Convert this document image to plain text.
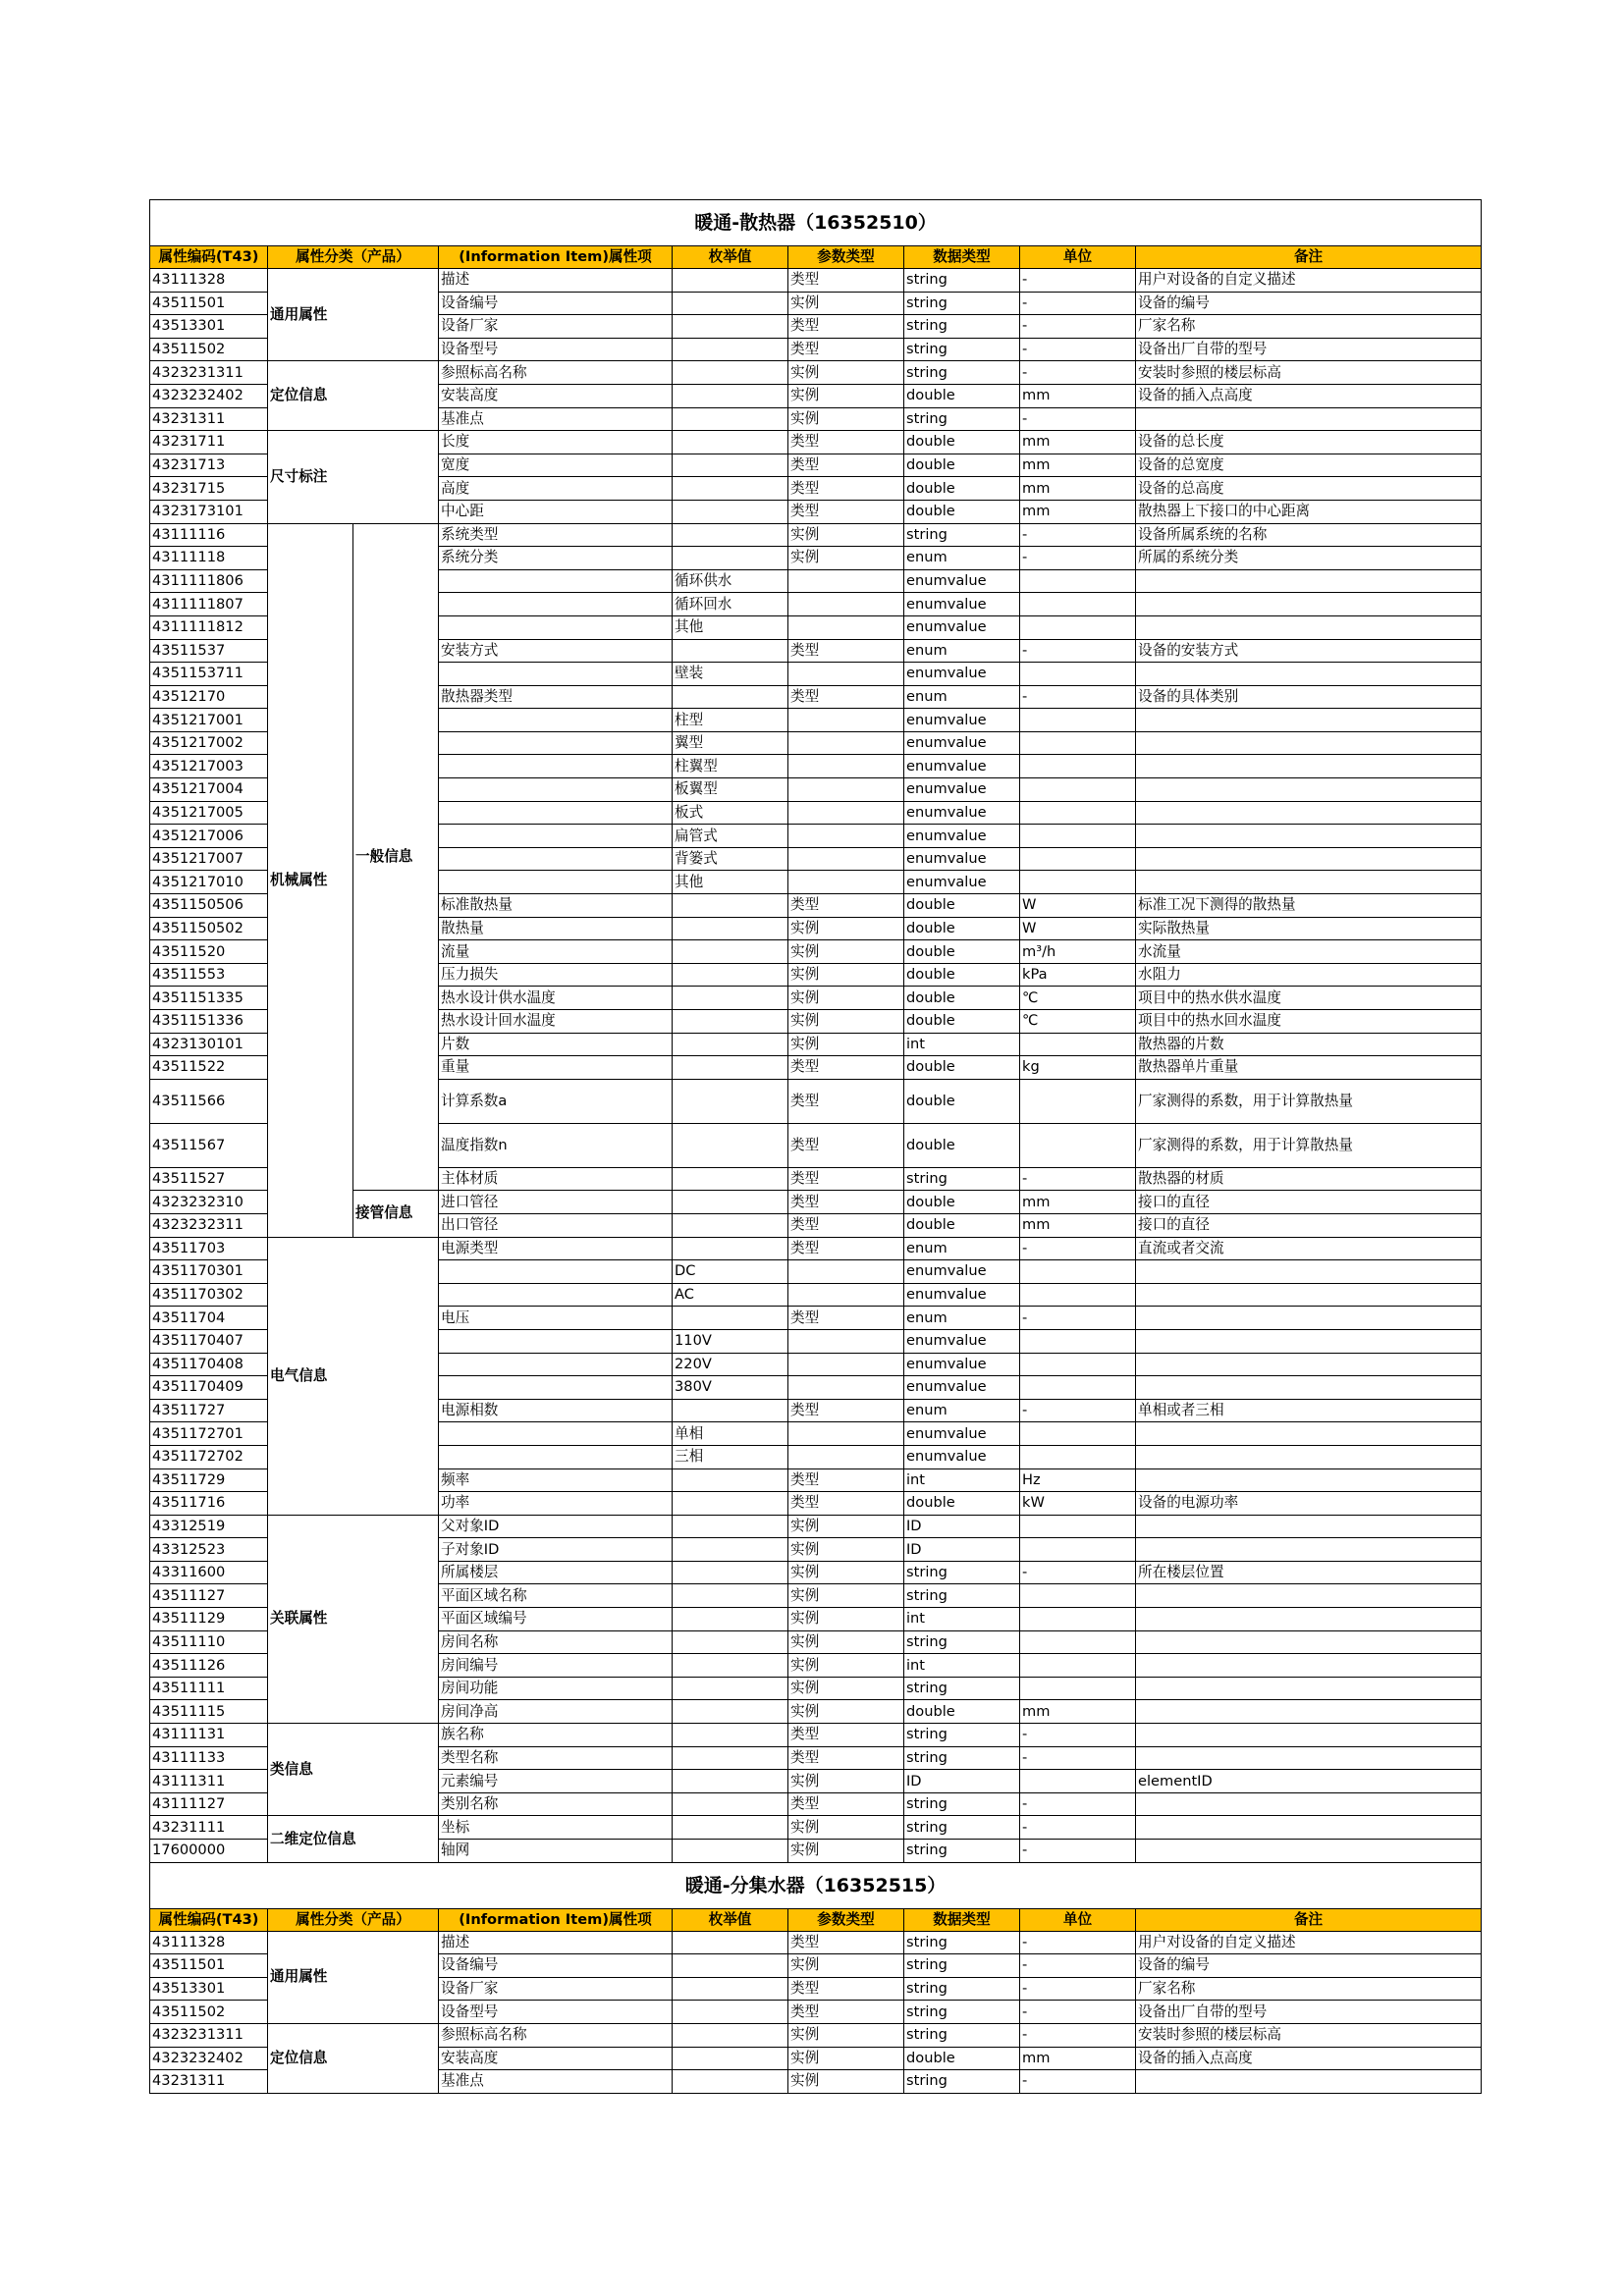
暖通-散热器（16352510）								
属性编码(T43)	属性分类（产品）		(Information Item)属性项	枚举值	参数类型	数据类型	单位	备注
43111328	通用属性		描述		类型	string	-	用户对设备的自定义描述
43511501			设备编号		实例	string	-	设备的编号
43513301			设备厂家		类型	string	-	厂家名称
43511502			设备型号		类型	string	-	设备出厂自带的型号
4323231311	定位信息		参照标高名称		实例	string	-	安装时参照的楼层标高
4323232402			安装高度		实例	double	mm	设备的插入点高度
43231311			基准点		实例	string	-	
43231711	尺寸标注		长度		类型	double	mm	设备的总长度
43231713			宽度		类型	double	mm	设备的总宽度
43231715			高度		类型	double	mm	设备的总高度
4323173101			中心距		类型	double	mm	散热器上下接口的中心距离
43111116	机械属性	一般信息	系统类型		实例	string	-	设备所属系统的名称
43111118			系统分类		实例	enum	-	所属的系统分类
4311111806				循环供水		enumvalue		
4311111807				循环回水		enumvalue		
4311111812				其他		enumvalue		
43511537			安装方式		类型	enum	-	设备的安装方式
4351153711				壁装		enumvalue		
43512170			散热器类型		类型	enum	-	设备的具体类别
4351217001				柱型		enumvalue		
4351217002				翼型		enumvalue		
4351217003				柱翼型		enumvalue		
4351217004				板翼型		enumvalue		
4351217005				板式		enumvalue		
4351217006				扁管式		enumvalue		
4351217007				背篓式		enumvalue		
4351217010				其他		enumvalue		
4351150506			标准散热量		类型	double	W	标准工况下测得的散热量
4351150502			散热量		实例	double	W	实际散热量
43511520			流量		实例	double	m³/h	水流量
43511553			压力损失		实例	double	kPa	水阻力
4351151335			热水设计供水温度		实例	double	℃	项目中的热水供水温度
4351151336			热水设计回水温度		实例	double	℃	项目中的热水回水温度
4323130101			片数		实例	int		散热器的片数
43511522			重量		类型	double	kg	散热器单片重量
43511566			计算系数a		类型	double		厂家测得的系数，用于计算散热量
43511567			温度指数n		类型	double		厂家测得的系数，用于计算散热量
43511527			主体材质		类型	string	-	散热器的材质
4323232310		接管信息	进口管径		类型	double	mm	接口的直径
4323232311			出口管径		类型	double	mm	接口的直径
43511703	电气信息		电源类型		类型	enum	-	直流或者交流
4351170301				DC		enumvalue		
4351170302				AC		enumvalue		
43511704			电压		类型	enum	-	
4351170407				110V		enumvalue		
4351170408				220V		enumvalue		
4351170409				380V		enumvalue		
43511727			电源相数		类型	enum	-	单相或者三相
4351172701				单相		enumvalue		
4351172702				三相		enumvalue		
43511729			频率		类型	int	Hz	
43511716			功率		类型	double	kW	设备的电源功率
43312519	关联属性		父对象ID		实例	ID		
43312523			子对象ID		实例	ID		
43311600			所属楼层		实例	string	-	所在楼层位置
43511127			平面区域名称		实例	string		
43511129			平面区域编号		实例	int		
43511110			房间名称		实例	string		
43511126			房间编号		实例	int		
43511111			房间功能		实例	string		
43511115			房间净高		实例	double	mm	
43111131	类信息		族名称		类型	string	-	
43111133			类型名称		类型	string	-	
43111311			元素编号		实例	ID		elementID
43111127			类别名称		类型	string	-	
43231111	二维定位信息		坐标		实例	string	-	
17600000			轴网		实例	string	-	
暖通-分集水器（16352515）								
属性编码(T43)	属性分类（产品）		(Information Item)属性项	枚举值	参数类型	数据类型	单位	备注
43111328	通用属性		描述		类型	string	-	用户对设备的自定义描述
43511501			设备编号		实例	string	-	设备的编号
43513301			设备厂家		类型	string	-	厂家名称
43511502			设备型号		类型	string	-	设备出厂自带的型号
4323231311	定位信息		参照标高名称		实例	string	-	安装时参照的楼层标高
4323232402			安装高度		实例	double	mm	设备的插入点高度
43231311			基准点		实例	string	-	
